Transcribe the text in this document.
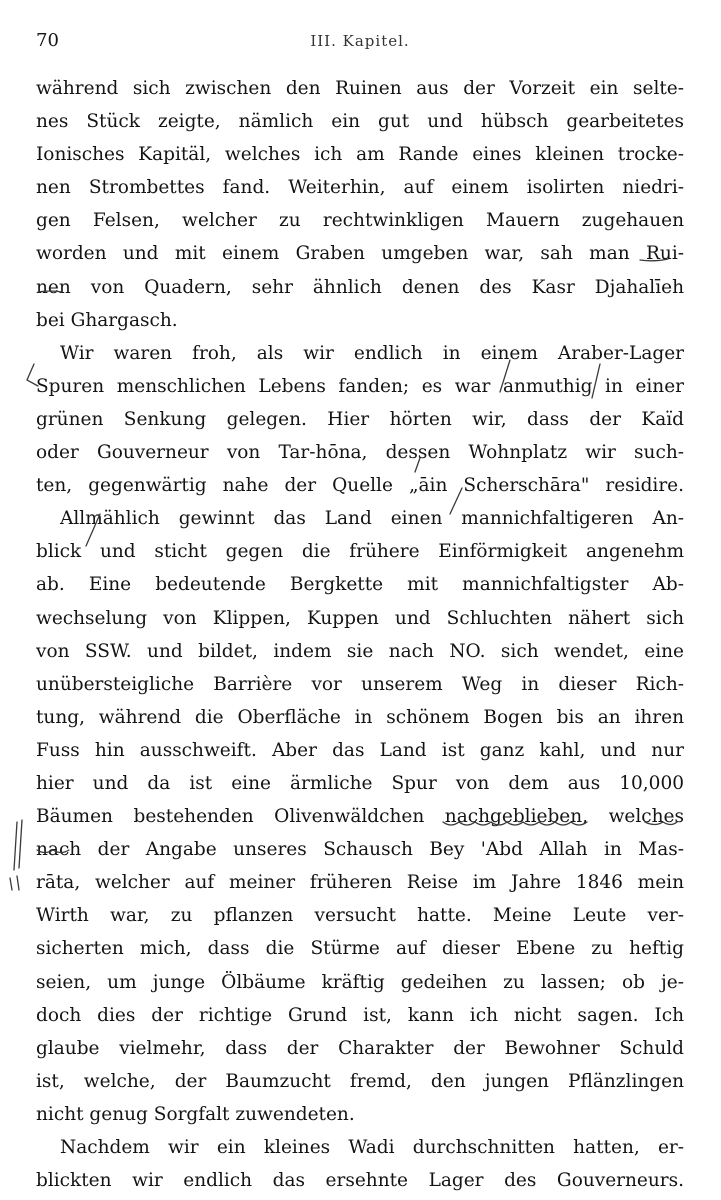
70	III. Kapitel.
während sich zwischen den Ruinen aus der Vorzeit ein selte-
nes Stück zeigte, nämlich ein gut und hübsch gearbeitetes
Ionisches Kapitäl, welches ich am Rande eines kleinen trocke-
nen Strombettes fand. Weiterhin, auf einem isolirten niedri-
gen Felsen, welcher zu rechtwinkligen Mauern zugehauen
worden und mit einem Graben umgeben war, sah man Rui-
nen von Quadern, sehr ähnlich denen des Kasr Djahalīeh
bei Ghargasch.
Wir waren froh, als wir endlich in einem Araber-Lager
Spuren menschlichen Lebens fanden; es war anmuthig in einer
grünen Senkung gelegen. Hier hörten wir, dass der Kaïd
oder Gouverneur von Tar-hōna, dessen Wohnplatz wir such-
ten, gegenwärtig nahe der Quelle „āin Scherschāra" residire.
Allmählich gewinnt das Land einen mannichfaltigeren An-
blick und sticht gegen die frühere Einförmigkeit angenehm
ab. Eine bedeutende Bergkette mit mannichfaltigster Ab-
wechselung von Klippen, Kuppen und Schluchten nähert sich
von SSW. und bildet, indem sie nach NO. sich wendet, eine
unübersteigliche Barrière vor unserem Weg in dieser Rich-
tung, während die Oberfläche in schönem Bogen bis an ihren
Fuss hin ausschweift. Aber das Land ist ganz kahl, und nur
hier und da ist eine ärmliche Spur von dem aus 10,000
Bäumen bestehenden Olivenwäldchen nachgeblieben, welches
nach der Angabe unseres Schausch Bey 'Abd Allah in Mas-
rāta, welcher auf meiner früheren Reise im Jahre 1846 mein
Wirth war, zu pflanzen versucht hatte. Meine Leute ver-
sicherten mich, dass die Stürme auf dieser Ebene zu heftig
seien, um junge Ölbäume kräftig gedeihen zu lassen; ob je-
doch dies der richtige Grund ist, kann ich nicht sagen. Ich
glaube vielmehr, dass der Charakter der Bewohner Schuld
ist, welche, der Baumzucht fremd, den jungen Pflänzlingen
nicht genug Sorgfalt zuwendeten.
Nachdem wir ein kleines Wadi durchschnitten hatten, er-
blickten wir endlich das ersehnte Lager des Gouverneurs.
